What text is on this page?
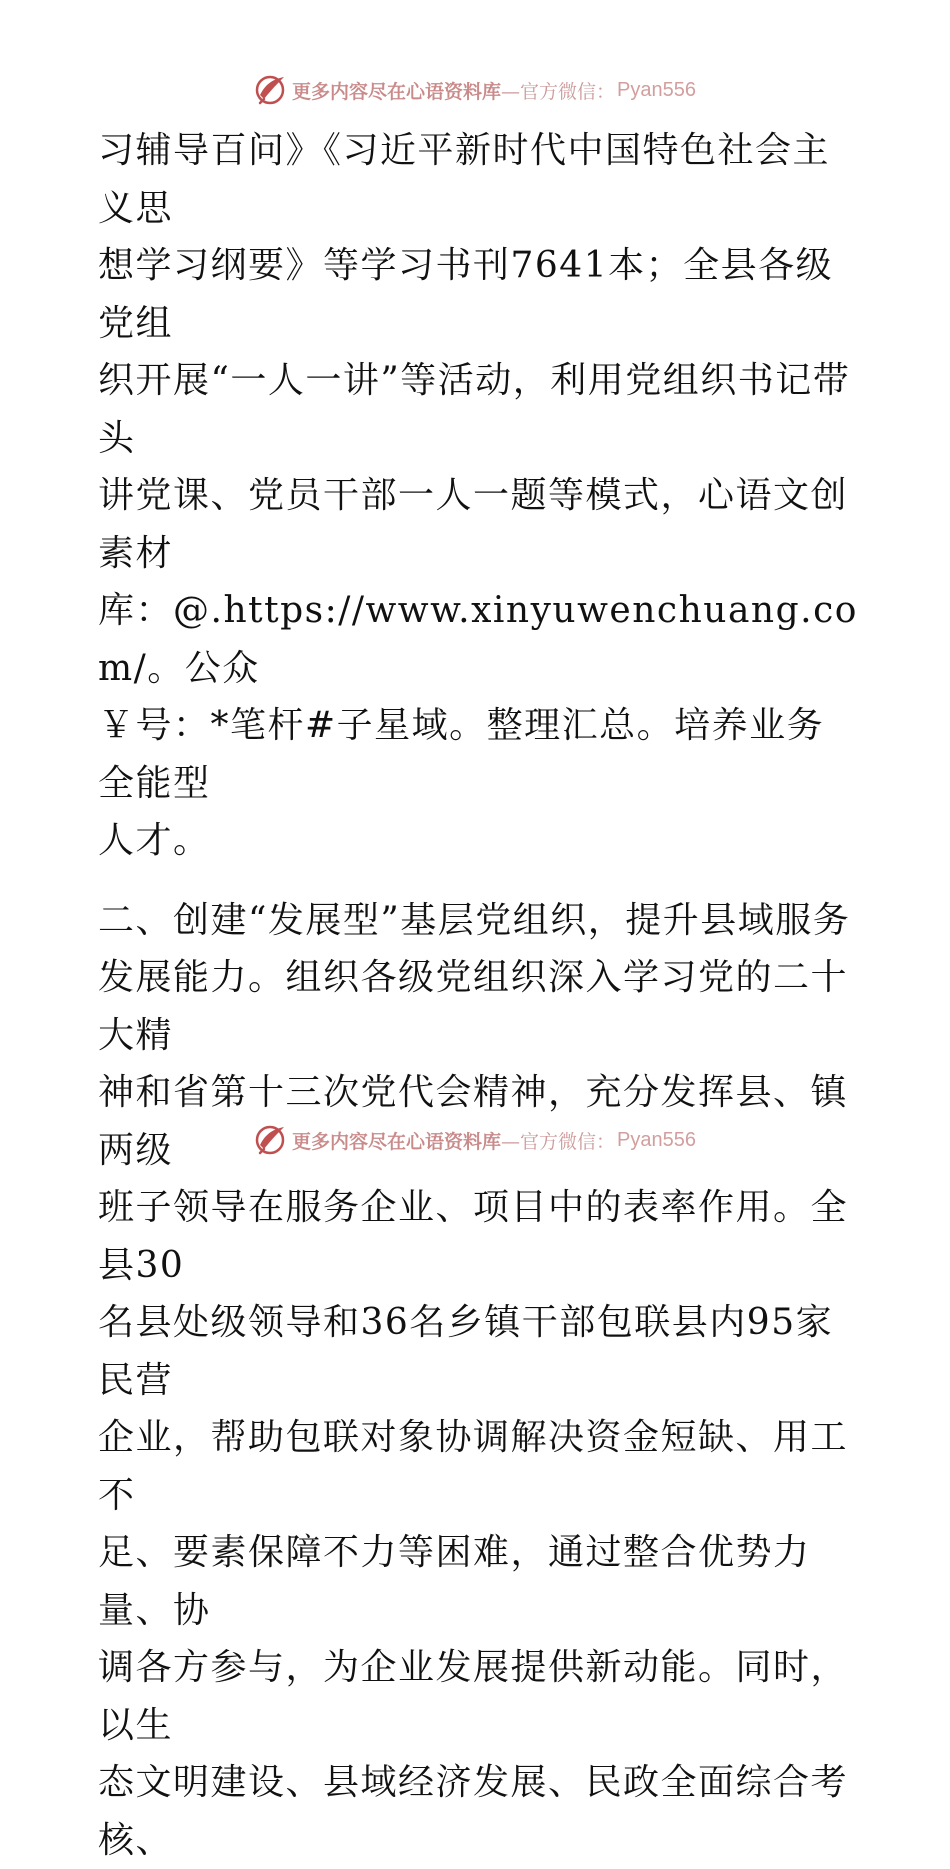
更多内容尽在心语资料库 —官方微信： Pyan556

习辅导百问》《习近平新时代中国特色社会主义思

想学习纲要》等学习书刊7641本；全县各级党组

织开展“一人一讲”等活动，利用党组织书记带头

讲党课、党员干部一人一题等模式，心语文创素材

库：@.https://www.xinyuwenchuang.com/。公众

￥号：*笔杆#子星域。整理汇总。培养业务全能型

人才。

二、创建“发展型”基层党组织，提升县域服务

发展能力。组织各级党组织深入学习党的二十大精

神和省第十三次党代会精神，充分发挥县、镇两级

班子领导在服务企业、项目中的表率作用。全县30

名县处级领导和36名乡镇干部包联县内95家民营

企业，帮助包联对象协调解决资金短缺、用工不

足、要素保障不力等困难，通过整合优势力量、协

调各方参与，为企业发展提供新动能。同时，以生

态文明建设、县域经济发展、民政全面综合考核、

更多内容尽在心语资料库 —官方微信： Pyan556
